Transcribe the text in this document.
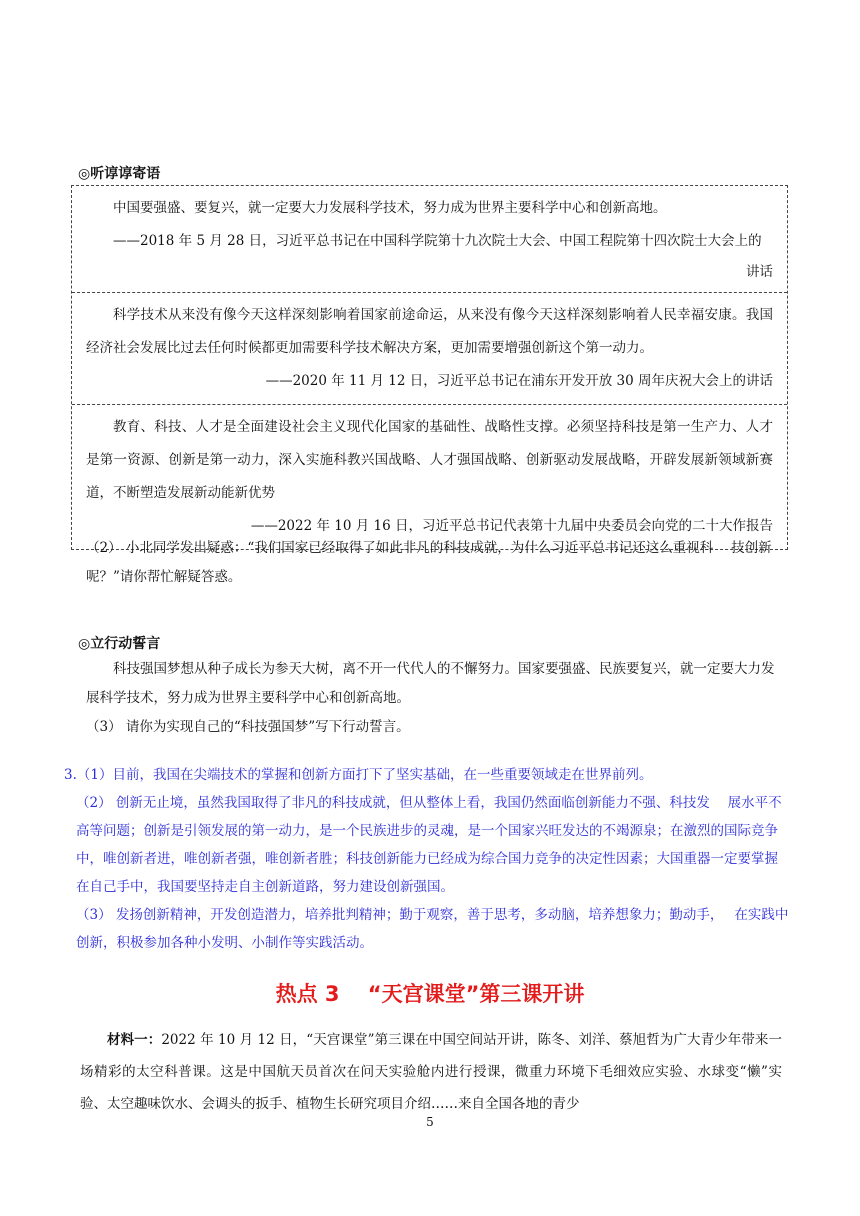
◎听谆谆寄语

中国要强盛、要复兴，就一定要大力发展科学技术，努力成为世界主要科学中心和创新高地。

——2018 年 5 月 28 日，习近平总书记在中国科学院第十九次院士大会、中国工程院第十四次院士大会上的

讲话

科学技术从来没有像今天这样深刻影响着国家前途命运，从来没有像今天这样深刻影响着人民幸福安康。我国经济社会发展比过去任何时候都更加需要科学技术解决方案，更加需要增强创新这个第一动力。

——2020 年 11 月 12 日，习近平总书记在浦东开发开放 30 周年庆祝大会上的讲话

教育、科技、人才是全面建设社会主义现代化国家的基础性、战略性支撑。必须坚持科技是第一生产力、人才是第一资源、创新是第一动力，深入实施科教兴国战略、人才强国战略、创新驱动发展战略，开辟发展新领域新赛道，不断塑造发展新动能新优势

——2022 年 10 月 16 日，习近平总书记代表第十九届中央委员会向党的二十大作报告

（2） 小北同学发出疑惑：“我们国家已经取得了如此非凡的科技成就，为什么习近平总书记还这么重视科　 技创新呢？”请你帮忙解疑答惑。

◎立行动誓言

科技强国梦想从种子成长为参天大树，离不开一代代人的不懈努力。国家要强盛、民族要复兴，就一定要大力发展科学技术，努力成为世界主要科学中心和创新高地。

（3） 请你为实现自己的“科技强国梦”写下行动誓言。

3.（1）目前，我国在尖端技术的掌握和创新方面打下了坚实基础，在一些重要领域走在世界前列。

（2） 创新无止境，虽然我国取得了非凡的科技成就，但从整体上看，我国仍然面临创新能力不强、科技发　 展水平不高等问题；创新是引领发展的第一动力，是一个民族进步的灵魂，是一个国家兴旺发达的不竭源泉；在激烈的国际竞争中，唯创新者进，唯创新者强，唯创新者胜；科技创新能力已经成为综合国力竞争的决定性因素；大国重器一定要掌握在自己手中，我国要坚持走自主创新道路，努力建设创新强国。

（3） 发扬创新精神，开发创造潜力，培养批判精神；勤于观察，善于思考，多动脑，培养想象力；勤动手，　 在实践中创新，积极参加各种小发明、小制作等实践活动。

热点 3　 “天宫课堂”第三课开讲

材料一：2022 年 10 月 12 日，“天宫课堂”第三课在中国空间站开讲，陈冬、刘洋、蔡旭哲为广大青少年带来一场精彩的太空科普课。这是中国航天员首次在问天实验舱内进行授课，微重力环境下毛细效应实验、水球变“懒”实验、太空趣味饮水、会调头的扳手、植物生长研究项目介绍……来自全国各地的青少

5
